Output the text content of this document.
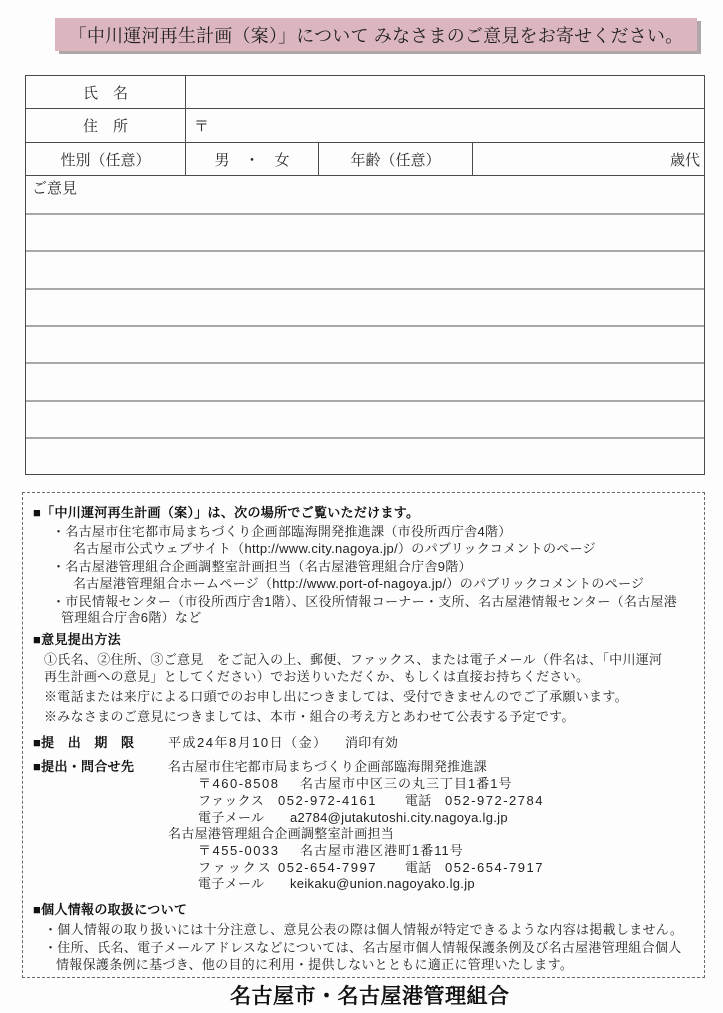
「中川運河再生計画（案）」について みなさまのご意見をお寄せください。
氏　名
住　所	〒
性別（任意）	男　・　女	年齢（任意）	歳代
ご意見
■「中川運河再生計画（案）」は、次の場所でご覧いただけます。
・名古屋市住宅都市局まちづくり企画部臨海開発推進課（市役所西庁舎4階）
名古屋市公式ウェブサイト（http://www.city.nagoya.jp/）のパブリックコメントのページ
・名古屋港管理組合企画調整室計画担当（名古屋港管理組合庁舎9階）
名古屋港管理組合ホームページ（http://www.port-of-nagoya.jp/）のパブリックコメントのページ
・市民情報センター（市役所西庁舎1階）、区役所情報コーナー・支所、名古屋港情報センター（名古屋港
管理組合庁舎6階）など
■意見提出方法
①氏名、②住所、③ご意見　をご記入の上、郵便、ファックス、または電子メール（件名は、「中川運河
再生計画への意見」としてください）でお送りいただくか、もしくは直接お持ちください。
※電話または来庁による口頭でのお申し出につきましては、受付できませんのでご了承願います。
※みなさまのご意見につきましては、本市・組合の考え方とあわせて公表する予定です。
■提　出　期　限	平成24年8月10日（金） 消印有効
■提出・問合せ先	名古屋市住宅都市局まちづくり企画部臨海開発推進課
〒460-8508 名古屋市中区三の丸三丁目1番1号
ファックス 052-972-4161 電話 052-972-2784
電子メール a2784@jutakutoshi.city.nagoya.lg.jp
名古屋港管理組合企画調整室計画担当
〒455-0033 名古屋市港区港町1番11号
ファックス 052-654-7997 電話 052-654-7917
電子メール keikaku@union.nagoyako.lg.jp
■個人情報の取扱について
・個人情報の取り扱いには十分注意し、意見公表の際は個人情報が特定できるような内容は掲載しません。
・住所、氏名、電子メールアドレスなどについては、名古屋市個人情報保護条例及び名古屋港管理組合個人
情報保護条例に基づき、他の目的に利用・提供しないとともに適正に管理いたします。
名古屋市・名古屋港管理組合
